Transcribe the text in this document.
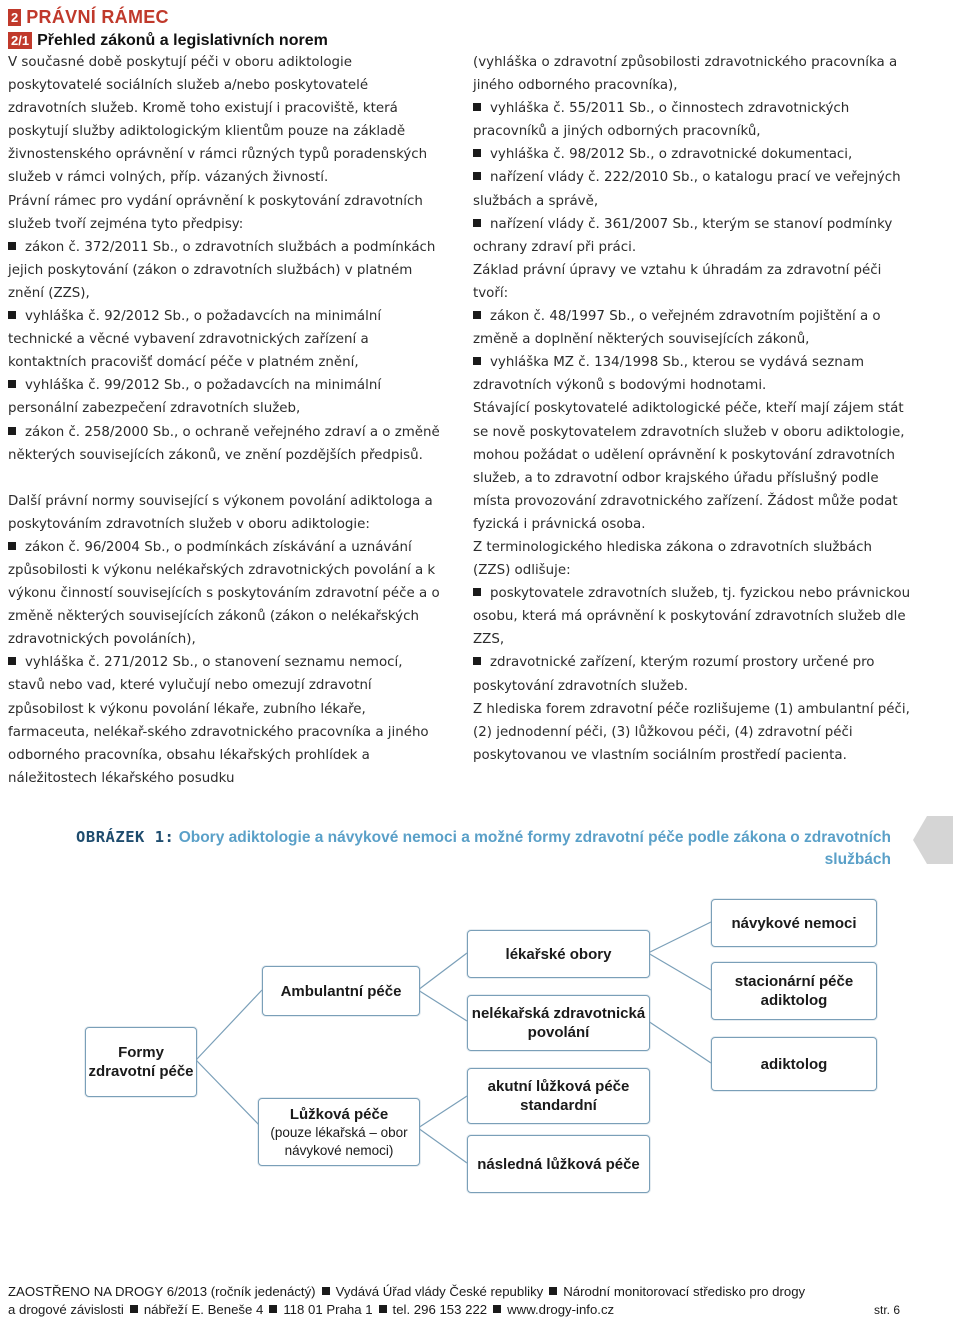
2 PRÁVNÍ RÁMEC
2/1 Přehled zákonů a legislativních norem

V současné době poskytují péči v oboru adiktologie poskytovatelé sociálních služeb a/nebo poskytovatelé zdravotních služeb. Kromě toho existují i pracoviště, která poskytují služby adiktologickým klientům pouze na základě živnostenského oprávnění v rámci různých typů poradenských služeb v rámci volných, příp. vázaných živností.

Právní rámec pro vydání oprávnění k poskytování zdravotních služeb tvoří zejména tyto předpisy:

zákon č. 372/2011 Sb., o zdravotních službách a podmínkách jejich poskytování (zákon o zdravotních službách) v platném znění (ZZS),

vyhláška č. 92/2012 Sb., o požadavcích na minimální technické a věcné vybavení zdravotnických zařízení a kontaktních pracovišť domácí péče v platném znění,

vyhláška č. 99/2012 Sb., o požadavcích na minimální personální zabezpečení zdravotních služeb,

zákon č. 258/2000 Sb., o ochraně veřejného zdraví a o změně některých souvisejících zákonů, ve znění pozdějších předpisů.

Další právní normy související s výkonem povolání adiktologa a poskytováním zdravotních služeb v oboru adiktologie:

zákon č. 96/2004 Sb., o podmínkách získávání a uznávání způsobilosti k výkonu nelékařských zdravotnických povolání a k výkonu činností souvisejících s poskytováním zdravotní péče a o změně některých souvisejících zákonů (zákon o nelékařských zdravotnických povoláních),

vyhláška č. 271/2012 Sb., o stanovení seznamu nemocí, stavů nebo vad, které vylučují nebo omezují zdravotní způsobilost k výkonu povolání lékaře, zubního lékaře, farmaceuta, nelékař-ského zdravotnického pracovníka a jiného odborného pracovníka, obsahu lékařských prohlídek a náležitostech lékařského posudku

(vyhláška o zdravotní způsobilosti zdravotnického pracovníka a jiného odborného pracovníka),

vyhláška č. 55/2011 Sb., o činnostech zdravotnických pracovníků a jiných odborných pracovníků,

vyhláška č. 98/2012 Sb., o zdravotnické dokumentaci,

nařízení vlády č. 222/2010 Sb., o katalogu prací ve veřejných službách a správě,

nařízení vlády č. 361/2007 Sb., kterým se stanoví podmínky ochrany zdraví při práci.

Základ právní úpravy ve vztahu k úhradám za zdravotní péči tvoří:

zákon č. 48/1997 Sb., o veřejném zdravotním pojištění a o změně a doplnění některých souvisejících zákonů,

vyhláška MZ č. 134/1998 Sb., kterou se vydává seznam zdravotních výkonů s bodovými hodnotami.

Stávající poskytovatelé adiktologické péče, kteří mají zájem stát se nově poskytovatelem zdravotních služeb v oboru adiktologie, mohou požádat o udělení oprávnění k poskytování zdravotních služeb, a to zdravotní odbor krajského úřadu příslušný podle místa provozování zdravotnického zařízení. Žádost může podat fyzická i právnická osoba.

Z terminologického hlediska zákona o zdravotních službách (ZZS) odlišuje:

poskytovatele zdravotních služeb, tj. fyzickou nebo právnickou osobu, která má oprávnění k poskytování zdravotních služeb dle ZZS,

zdravotnické zařízení, kterým rozumí prostory určené pro poskytování zdravotních služeb.

Z hlediska forem zdravotní péče rozlišujeme (1) ambulantní péči, (2) jednodenní péči, (3) lůžkovou péči, (4) zdravotní péči poskytovanou ve vlastním sociálním prostředí pacienta.

OBRÁZEK 1: Obory adiktologie a návykové nemoci a možné formy zdravotní péče podle zákona o zdravotních službách
Formy zdravotní péče
Ambulantní péče
Lůžková péče
(pouze lékařská – obor návykové nemoci)
lékařské obory
nelékařská zdravotnická povolání
akutní lůžková péče standardní
následná lůžková péče
návykové nemoci
stacionární péče adiktolog
adiktolog
ZAOSTŘENO NA DROGY 6/2013 (ročník jedenáctý) Vydává Úřad vlády České republiky Národní monitorovací středisko pro drogy
a drogové závislosti nábřeží E. Beneše 4 118 01 Praha 1 tel. 296 153 222 www.drogy-info.cz	str. 6
